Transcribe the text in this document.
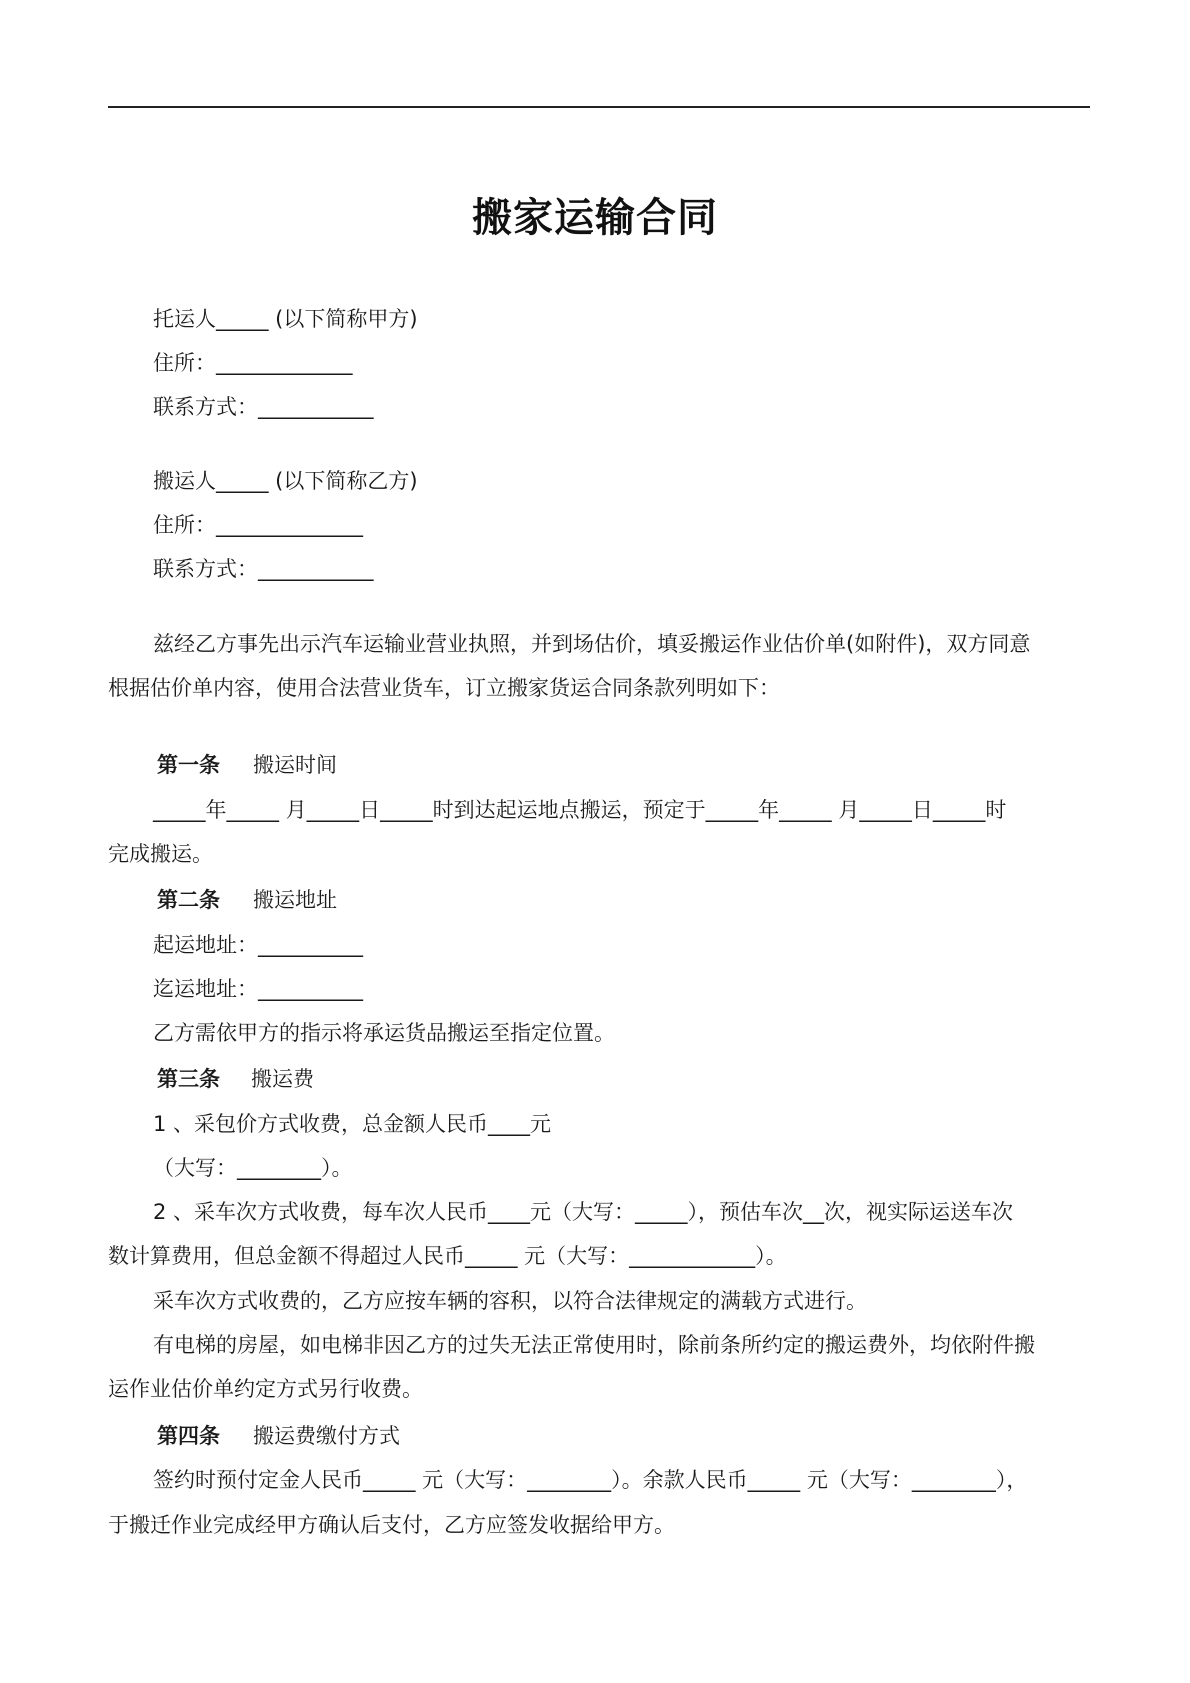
搬家运输合同
托运人_____ (以下简称甲方)
住所：_____________
联系方式：___________
搬运人_____ (以下简称乙方)
住所：______________
联系方式：___________
兹经乙方事先出示汽车运输业营业执照，并到场估价，填妥搬运作业估价单(如附件)，双方同意
根据估价单内容，使用合法营业货车，订立搬家货运合同条款列明如下：
第一条 搬运时间
_____年_____ 月_____日_____时到达起运地点搬运，预定于_____年_____ 月_____日_____时
完成搬运。
第二条 搬运地址
起运地址：__________
迄运地址：__________
乙方需依甲方的指示将承运货品搬运至指定位置。
第三条 搬运费
1 、采包价方式收费，总金额人民币____元
（大写：________）。
2 、采车次方式收费，每车次人民币____元（大写：_____），预估车次__次，视实际运送车次
数计算费用，但总金额不得超过人民币_____ 元（大写：____________）。
采车次方式收费的，乙方应按车辆的容积，以符合法律规定的满载方式进行。
有电梯的房屋，如电梯非因乙方的过失无法正常使用时，除前条所约定的搬运费外，均依附件搬
运作业估价单约定方式另行收费。
第四条 搬运费缴付方式
签约时预付定金人民币_____ 元（大写：________）。余款人民币_____ 元（大写：________），
于搬迁作业完成经甲方确认后支付，乙方应签发收据给甲方。
